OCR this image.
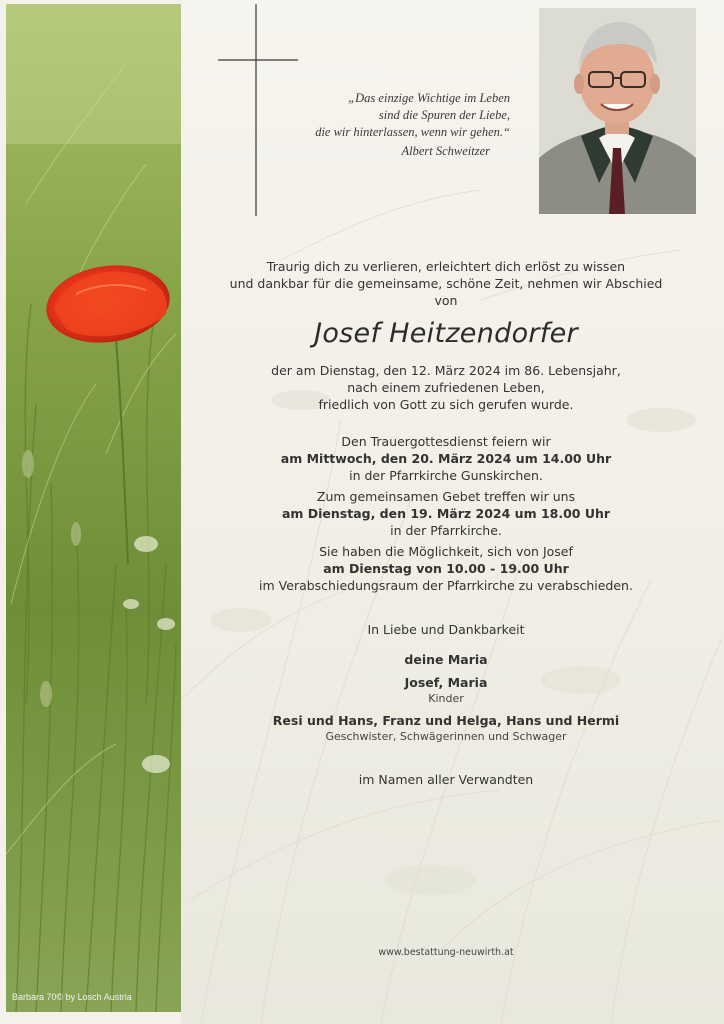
Barbara 70© by Losch Austria
„Das einzige Wichtige im Leben
sind die Spuren der Liebe,
die wir hinterlassen, wenn wir gehen.“
Albert Schweitzer
Traurig dich zu verlieren, erleichtert dich erlöst zu wissen
und dankbar für die gemeinsame, schöne Zeit, nehmen wir Abschied
von
Josef Heitzendorfer
der am Dienstag, den 12. März 2024 im 86. Lebensjahr,
nach einem zufriedenen Leben,
friedlich von Gott zu sich gerufen wurde.
Den Trauergottesdienst feiern wir
am Mittwoch, den 20. März 2024 um 14.00 Uhr
in der Pfarrkirche Gunskirchen.
Zum gemeinsamen Gebet treffen wir uns
am Dienstag, den 19. März 2024 um 18.00 Uhr
in der Pfarrkirche.
Sie haben die Möglichkeit, sich von Josef
am Dienstag von 10.00 - 19.00 Uhr
im Verabschiedungsraum der Pfarrkirche zu verabschieden.
In Liebe und Dankbarkeit
deine Maria
Josef, Maria
Kinder
Resi und Hans, Franz und Helga, Hans und Hermi
Geschwister, Schwägerinnen und Schwager
im Namen aller Verwandten
www.bestattung-neuwirth.at
